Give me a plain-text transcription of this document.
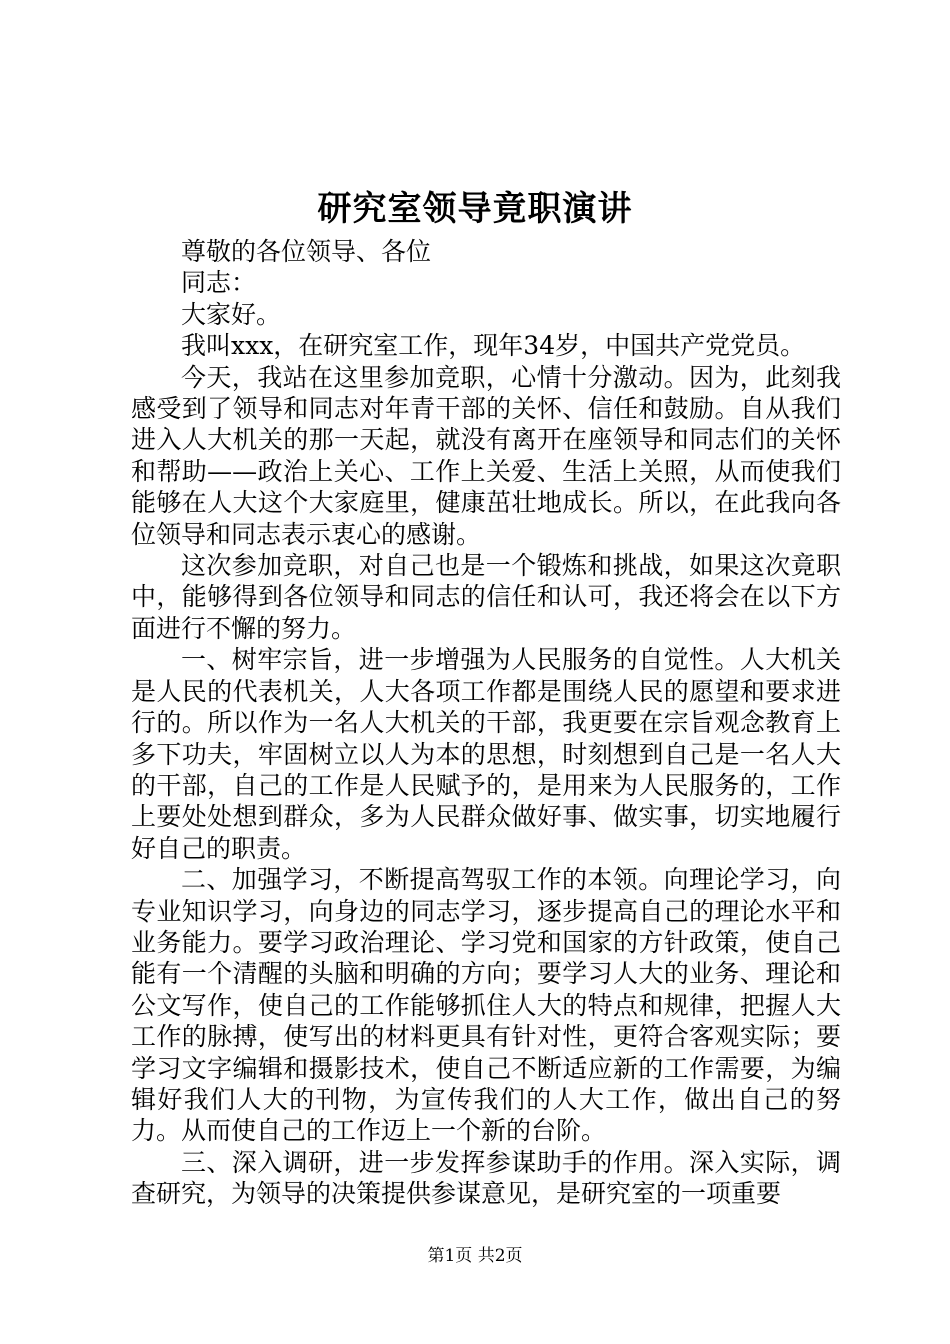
研究室领导竟职演讲

尊敬的各位领导、各位

同志：

大家好。

我叫xxx，在研究室工作，现年34岁，中国共产党党员。

今天，我站在这里参加竞职，心情十分激动。因为，此刻我感受到了领导和同志对年青干部的关怀、信任和鼓励。自从我们进入人大机关的那一天起，就没有离开在座领导和同志们的关怀和帮助——政治上关心、工作上关爱、生活上关照，从而使我们能够在人大这个大家庭里，健康茁壮地成长。所以，在此我向各位领导和同志表示衷心的感谢。

这次参加竞职，对自己也是一个锻炼和挑战，如果这次竟职中，能够得到各位领导和同志的信任和认可，我还将会在以下方面进行不懈的努力。

一、树牢宗旨，进一步增强为人民服务的自觉性。人大机关是人民的代表机关，人大各项工作都是围绕人民的愿望和要求进行的。所以作为一名人大机关的干部，我更要在宗旨观念教育上多下功夫，牢固树立以人为本的思想，时刻想到自己是一名人大的干部，自己的工作是人民赋予的，是用来为人民服务的，工作上要处处想到群众，多为人民群众做好事、做实事，切实地履行好自己的职责。

二、加强学习，不断提高驾驭工作的本领。向理论学习，向专业知识学习，向身边的同志学习，逐步提高自己的理论水平和业务能力。要学习政治理论、学习党和国家的方针政策，使自己能有一个清醒的头脑和明确的方向；要学习人大的业务、理论和公文写作，使自己的工作能够抓住人大的特点和规律，把握人大工作的脉搏，使写出的材料更具有针对性，更符合客观实际；要学习文字编辑和摄影技术，使自己不断适应新的工作需要，为编辑好我们人大的刊物，为宣传我们的人大工作，做出自己的努力。从而使自己的工作迈上一个新的台阶。

三、深入调研，进一步发挥参谋助手的作用。深入实际，调查研究，为领导的决策提供参谋意见，是研究室的一项重要

第1页 共2页
